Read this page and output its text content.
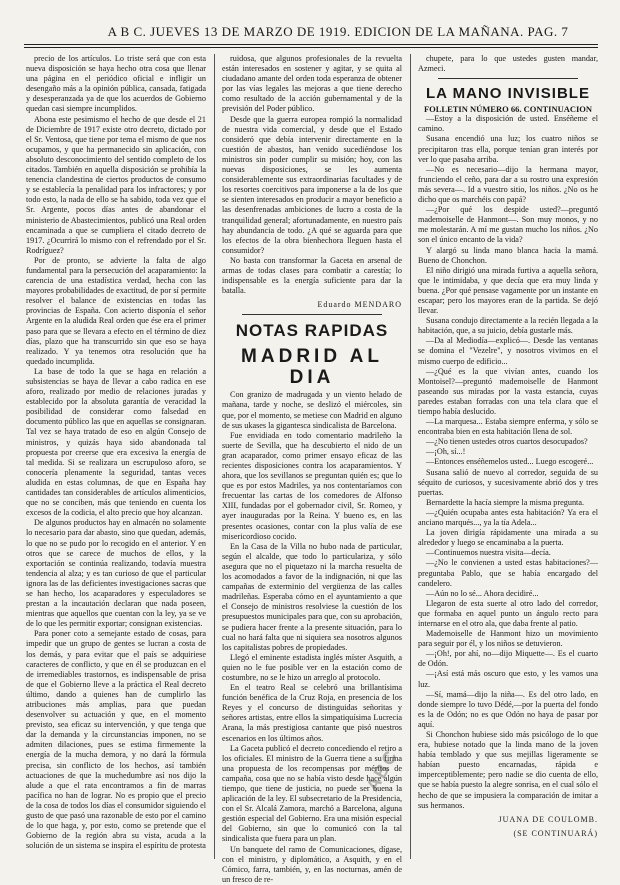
A B C. JUEVES 13 DE MARZO DE 1919. EDICION DE LA MAÑANA. PAG. 7

precio de los artículos. Lo triste será que con esta nueva disposición se haya hecho otra cosa que llenar una página en el periódico oficial e infligir un desengaño más a la opinión pública, cansada, fatigada y desesperanzada ya de que los acuerdos de Gobierno quedan casi siempre incumplidos.

Abona este pesimismo el hecho de que desde el 21 de Diciembre de 1917 existe otro decreto, dictado por el Sr. Ventosa, que tiene por tema el mismo de que nos ocupamos, y que ha permanecido sin aplicación, con absoluto desconocimiento del sentido completo de los citados. También en aquella disposición se prohibía la tenencia clandestina de ciertos productos de consumo y se establecía la penalidad para los infractores; y por todo esto, la nada de ello se ha sabido, toda vez que el Sr. Argente, pocos días antes de abandonar el ministerio de Abastecimientos, publicó una Real orden encaminada a que se cumpliera el citado decreto de 1917. ¿Ocurrirá lo mismo con el refrendado por el Sr. Rodríguez?

Por de pronto, se advierte la falta de algo fundamental para la persecución del acaparamiento: la carencia de una estadística verdad, hecha con las mayores probabilidades de exactitud, de por sí permite resolver el balance de existencias en todas las provincias de España. Con acierto disponía el señor Argente en la aludida Real orden que ése era el primer paso para que se llevara a efecto en el término de diez días, plazo que ha transcurrido sin que eso se haya realizado. Y ya tenemos otra resolución que ha quedado incumplida.

La base de todo la que se haga en relación a subsistencias se haya de llevar a cabo radica en ese aforo, realizado por medio de relaciones juradas y establecido por la absoluta garantía de veracidad la posibilidad de considerar como falsedad en documento público las que en aquellas se consignaran. Tal vez se haya tratado de eso en algún Consejo de ministros, y quizás haya sido abandonada tal propuesta por creerse que era excesiva la energía de tal medida. Si se realizara un escrupuloso aforo, se conocería plenamente la seguridad, tantas veces aludida en estas columnas, de que en España hay cantidades tan considerables de artículos alimenticios, que no se conciben, más que teniendo en cuenta los excesos de la codicia, el alto precio que hoy alcanzan.

De algunos productos hay en almacén no solamente lo necesario para dar abasto, sino que quedan, además, lo que no se pudo por lo recogido en el anterior. Y en otros que se carece de muchos de ellos, y la exportación se continúa realizando, todavía muestra tendencia al alza; y es tan curioso de que el particular ignora las de las deficientes investigaciones sacras que se han hecho, los acaparadores y especuladores se prestan a la incautación declaran que nada poseen, mientras que aquellos que cuentan con la ley, ya se ve de lo que les permitir exportar; consignan existencias.

Para poner coto a semejante estado de cosas, para impedir que un grupo de gentes se lucran a costa de los demás, y para evitar que el país se adquiriese caracteres de conflicto, y que en él se produzcan en el de irremediables trastornos, es indispensable de prisa de que el Gobierno lleve a la práctica el Real decreto último, dando a quienes han de cumplirlo las atribuciones más amplias, para que puedan desenvolver su actuación y que, en el momento previsto, sea eficaz su intervención, y que tenga que dar la demanda y la circunstancias imponen, no se admiten dilaciones, pues se estima firmemente la energía de la mucha demora, y no dará la fórmula precisa, sin conflicto de los hechos, así también actuaciones de que la muchedumbre así nos dijo la alude a que el rata encontramos a fin de marras pacífica no han de lograr. No es propio que el precio de la cosa de todos los días el consumidor siguiendo el gusto de que pasó una razonable de esto por el camino de lo que haga, y, por esto, como se pretende que el Gobierno de la región abra su vista, acuda a la solución de un sistema se inspira el espíritu de protesta

ruidosa, que algunos profesionales de la revuelta están interesados en sostener y agitar, y se quita al ciudadano amante del orden toda esperanza de obtener por las vías legales las mejoras a que tiene derecho como resultado de la acción gubernamental y de la previsión del Poder público.

Desde que la guerra europea rompió la normalidad de nuestra vida comercial, y desde que el Estado consideró que debía intervenir directamente en la cuestión de abastos, han venido sucediéndose los ministros sin poder cumplir su misión; hoy, con las nuevas disposiciones, se les aumenta considerablemente sus extraordinarias facultades y de los resortes coercitivos para imponerse a la de los que se sienten interesados en producir a mayor beneficio a las desenfrenadas ambiciones de lucro a costa de la tranquilidad general; afortunadamente, en nuestro país hay abundancia de todo. ¿A qué se aguarda para que los efectos de la obra bienhechora lleguen hasta el consumidor?

No basta con transformar la Gaceta en arsenal de armas de todas clases para combatir a carestía; lo indispensable es la energía suficiente para dar la batalla.

Eduardo MENDARO

NOTAS RAPIDAS

MADRID AL DIA

Con granizo de madrugada y un viento helado de mañana, tarde y noche, se deslizó el miércoles, sin que, por el momento, se metiese con Madrid en alguno de sus ukases la gigantesca sindicalista de Barcelona.

Fue envidiada en todo comentario madrileño la suerte de Sevilla, que ha descubierto el nido de un gran acaparador, como primer ensayo eficaz de las recientes disposiciones contra los acaparamientos. Y ahora, que los sevillanos se preguntan quién es; que lo que es por estos Madriles, ya nos contentaríamos con frecuentar las cartas de los comedores de Alfonso XIII, fundadas por el gobernador civil, Sr. Romeo, y ayer inauguradas por la Reina. Y bueno es, en las presentes ocasiones, contar con la plus valía de ese misericordioso cocido.

En la Casa de la Villa no hubo nada de particular, según el alcalde, que todo lo particulariza, y sólo asegura que no el piquetazo ni la marcha resuelta de los acomodados a favor de la indignación, ni que las campañas de exterminio del vergüenza de las calles madrileñas. Esperaba cómo en el ayuntamiento a que el Consejo de ministros resolviese la cuestión de los presupuestos municipales para que, con su aprobación, se pudiera hacer frente a la presente situación, para lo cual no hará falta que ni siquiera sea nosotros algunos los capitalistas pobres de propiedades.

Llegó el eminente estadista inglés míster Asquith, a quien no le fue posible ver en la estación como de costumbre, no se le hizo un arreglo al protocolo.

En el teatro Real se celebró una brillantísima función benéfica de la Cruz Roja, en presencia de los Reyes y el concurso de distinguidas señoritas y señores artistas, entre ellos la simpatiquísima Lucrecia Arana, la más prestigiosa cantante que pisó nuestros escenarios en los últimos años.

La Gaceta publicó el decreto concediendo el retiro a los oficiales. El ministro de la Guerra tiene a su firma una propuesta de los recompensas por méritos de campaña, cosa que no se había visto desde hace algún tiempo, que tiene de justicia, no puede ser buena la aplicación de la ley. El subsecretario de la Presidencia, con el Sr. Alcalá Zamora, marchó a Barcelona, alguna gestión especial del Gobierno. Era una misión especial del Gobierno, sin que lo comunicó con la tal sindicalista que fuera para un plan.

Un banquete del ramo de Comunicaciones, dígase, con el ministro, y diplomático, a Asquith, y en el Cómico, farra, también, y, en las nocturnas, amén de un fresco de re-

chupete, para lo que ustedes gusten mandar, Azmeci.

LA MANO INVISIBLE

FOLLETIN NÚMERO 66. CONTINUACION

—Estoy a la disposición de usted. Enséñeme el camino.

Susana encendió una luz; los cuatro niños se precipitaron tras ella, porque tenían gran interés por ver lo que pasaba arriba.

—No es necesario—dijo la hermana mayor, frunciendo el ceño, para dar a su rostro una expresión más severa—. Id a vuestro sitio, los niños. ¿No os he dicho que os marchéis con papá?

—¿Por qué los despide usted?—preguntó mademoiselle de Hanmont—. Son muy monos, y no me molestarán. A mí me gustan mucho los niños. ¿No son el único encanto de la vida?

Y alargó su linda mano blanca hacia la mamá. Bueno de Chonchon.

El niño dirigió una mirada furtiva a aquella señora, que le intimidaba, y que decía que era muy linda y buena. ¿Por qué pensase vagamente por un instante en escapar; pero los mayores eran de la partida. Se dejó llevar.

Susana condujo directamente a la recién llegada a la habitación, que, a su juicio, debía gustarle más.

—Da al Mediodía—explicó—. Desde las ventanas se domina el "Vezelre", y nosotros vivimos en el mismo cuerpo de edificio...

—¿Qué es la que vivían antes, cuando los Montoisel?—preguntó mademoiselle de Hanmont paseando sus miradas por la vasta estancia, cuyas paredes estaban forradas con una tela clara que el tiempo había deslucido.

—La marquesa... Estaba siempre enferma, y sólo se encontraba bien en esta habitación llena de sol.

—¿No tienen ustedes otros cuartos desocupados?

—¡Oh, sí...!

—Entonces enséñemelos usted... Luego escogeré...

Susana salió de nuevo al corredor, seguida de su séquito de curiosos, y sucesivamente abrió dos y tres puertas.

Bernardette la hacía siempre la misma pregunta.

—¿Quién ocupaba antes esta habitación? Ya era el anciano marqués..., ya la tía Adela...

La joven dirigía rápidamente una mirada a su alrededor y luego se encaminaba a la puerta.

—Continuemos nuestra visita—decía.

—¿No le convienen a usted estas habitaciones?—preguntaba Pablo, que se había encargado del candelero.

—Aún no lo sé... Ahora decidiré...

Llegaron de esta suerte al otro lado del corredor, que formaba en aquel punto un ángulo recto para internarse en el otro ala, que daba frente al patio.

Mademoiselle de Hanmont hizo un movimiento para seguir por él, y los niños se detuvieron.

—¡Oh!, por ahí, no—dijo Miquette—. Es el cuarto de Odón.

—¡Así está más oscuro que esto, y les vamos una luz.

—Sí, mamá—dijo la niña—. Es del otro lado, en donde siempre lo tuvo Dédé,—por la puerta del fondo es la de Odón; no es que Odón no haya de pasar por aquí.

Si Chonchon hubiese sido más psicólogo de lo que era, hubiese notado que la linda mano de la joven había temblado y que sus mejillas ligeramente se habían puesto encarnadas, rápida e imperceptiblemente; pero nadie se dio cuenta de ello, que se había puesto la alegre sonrisa, en el cual sólo el hecho de que se impusiera la comparación de imitar a sus hermanos.

JUANA DE COULOMB.

(SE CONTINUARÁ)

ABC
